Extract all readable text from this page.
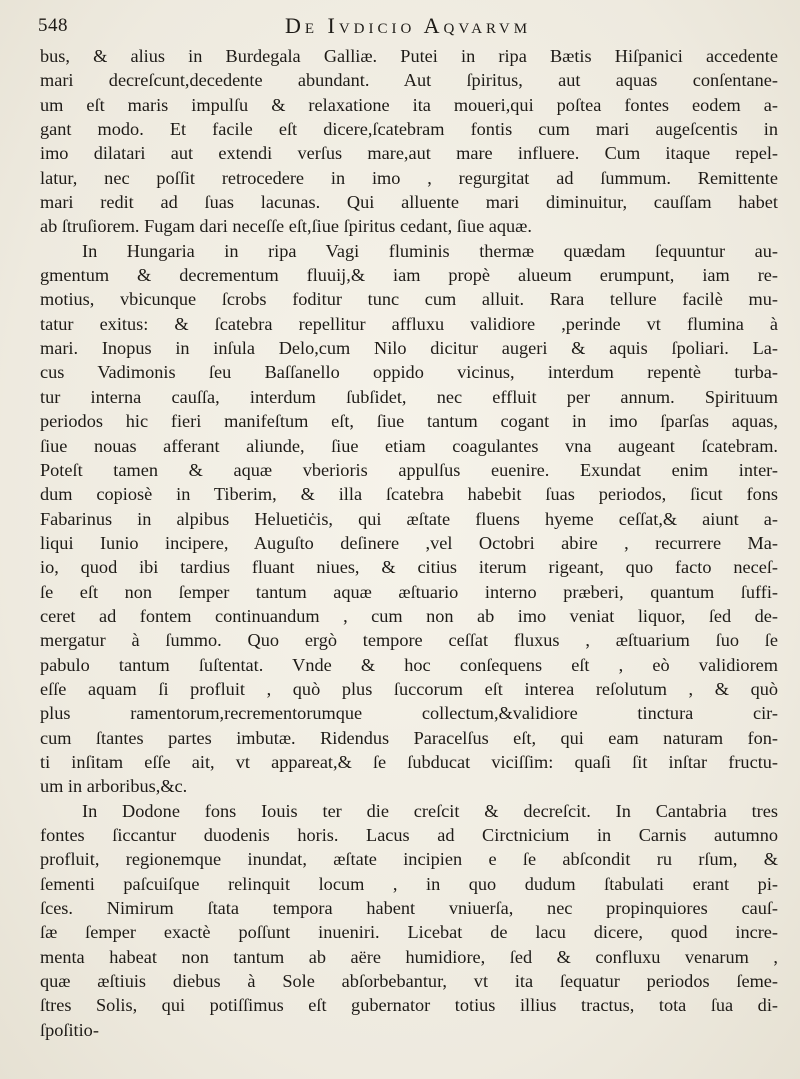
548	De Ivdicio Aqvarvm
bus, & alius in Burdegala Galliæ. Putei in ripa Bætis Hiſpanici accedente
mari decreſcunt,decedente abundant. Aut ſpiritus, aut aquas conſentane-
um eſt maris impulſu & relaxatione ita moueri,qui poſtea fontes eodem a-
gant modo. Et facile eſt dicere,ſcatebram fontis cum mari augeſcentis in
imo dilatari aut extendi verſus mare,aut mare influere. Cum itaque repel-
latur, nec poſſit retrocedere in imo , regurgitat ad ſummum. Remittente
mari redit ad ſuas lacunas. Qui alluente mari diminuitur, cauſſam habet
ab ſtruſiorem. Fugam dari neceſſe eſt,ſiue ſpiritus cedant, ſiue aquæ.
In Hungaria in ripa Vagi fluminis thermæ quædam ſequuntur au-
gmentum & decrementum fluuij,& iam propè alueum erumpunt, iam re-
motius, vbicunque ſcrobs foditur tunc cum alluit. Rara tellure facilè mu-
tatur exitus: & ſcatebra repellitur affluxu validiore ,perinde vt flumina à
mari. Inopus in inſula Delo,cum Nilo dicitur augeri & aquis ſpoliari. La-
cus Vadimonis ſeu Baſſanello oppido vicinus, interdum repentè turba-
tur interna cauſſa, interdum ſubſidet, nec effluit per annum. Spirituum
periodos hic fieri manifeſtum eſt, ſiue tantum cogant in imo ſparſas aquas,
ſiue nouas afferant aliunde, ſiue etiam coagulantes vna augeant ſcatebram.
Poteſt tamen & aquæ vberioris appulſus euenire. Exundat enim inter-
dum copiosè in Tiberim, & illa ſcatebra habebit ſuas periodos, ſicut fons
Fabarinus in alpibus Heluetiċis, qui æſtate fluens hyeme ceſſat,& aiunt a-
liqui Iunio incipere, Auguſto deſinere ,vel Octobri abire , recurrere Ma-
io, quod ibi tardius fluant niues, & citius iterum rigeant, quo facto neceſ-
ſe eſt non ſemper tantum aquæ æſtuario interno præberi, quantum ſuffi-
ceret ad fontem continuandum , cum non ab imo veniat liquor, ſed de-
mergatur à ſummo. Quo ergò tempore ceſſat fluxus , æſtuarium ſuo ſe
pabulo tantum ſuſtentat. Vnde & hoc conſequens eſt , eò validiorem
eſſe aquam ſi profluit , quò plus ſuccorum eſt interea reſolutum , & quò
plus ramentorum,recrementorumque collectum,&validiore tinctura cir-
cum ſtantes partes imbutæ. Ridendus Paracelſus eſt, qui eam naturam fon-
ti inſitam eſſe ait, vt appareat,& ſe ſubducat viciſſim: quaſi ſit inſtar fructu-
um in arboribus,&c.
In Dodone fons Iouis ter die creſcit & decreſcit. In Cantabria tres
fontes ſiccantur duodenis horis. Lacus ad Circtnicium in Carnis autumno
profluit, regionemque inundat, æſtate incipien e ſe abſcondit ru rſum, &
ſementi paſcuiſque relinquit locum , in quo dudum ſtabulati erant pi-
ſces. Nimirum ſtata tempora habent vniuerſa, nec propinquiores cauſ-
ſæ ſemper exactè poſſunt inueniri. Licebat de lacu dicere, quod incre-
menta habeat non tantum ab aëre humidiore, ſed & confluxu venarum ,
quæ æſtiuis diebus à Sole abſorbebantur, vt ita ſequatur periodos ſeme-
ſtres Solis, qui potiſſimus eſt gubernator totius illius tractus, tota ſua di-
ſpoſitio-
